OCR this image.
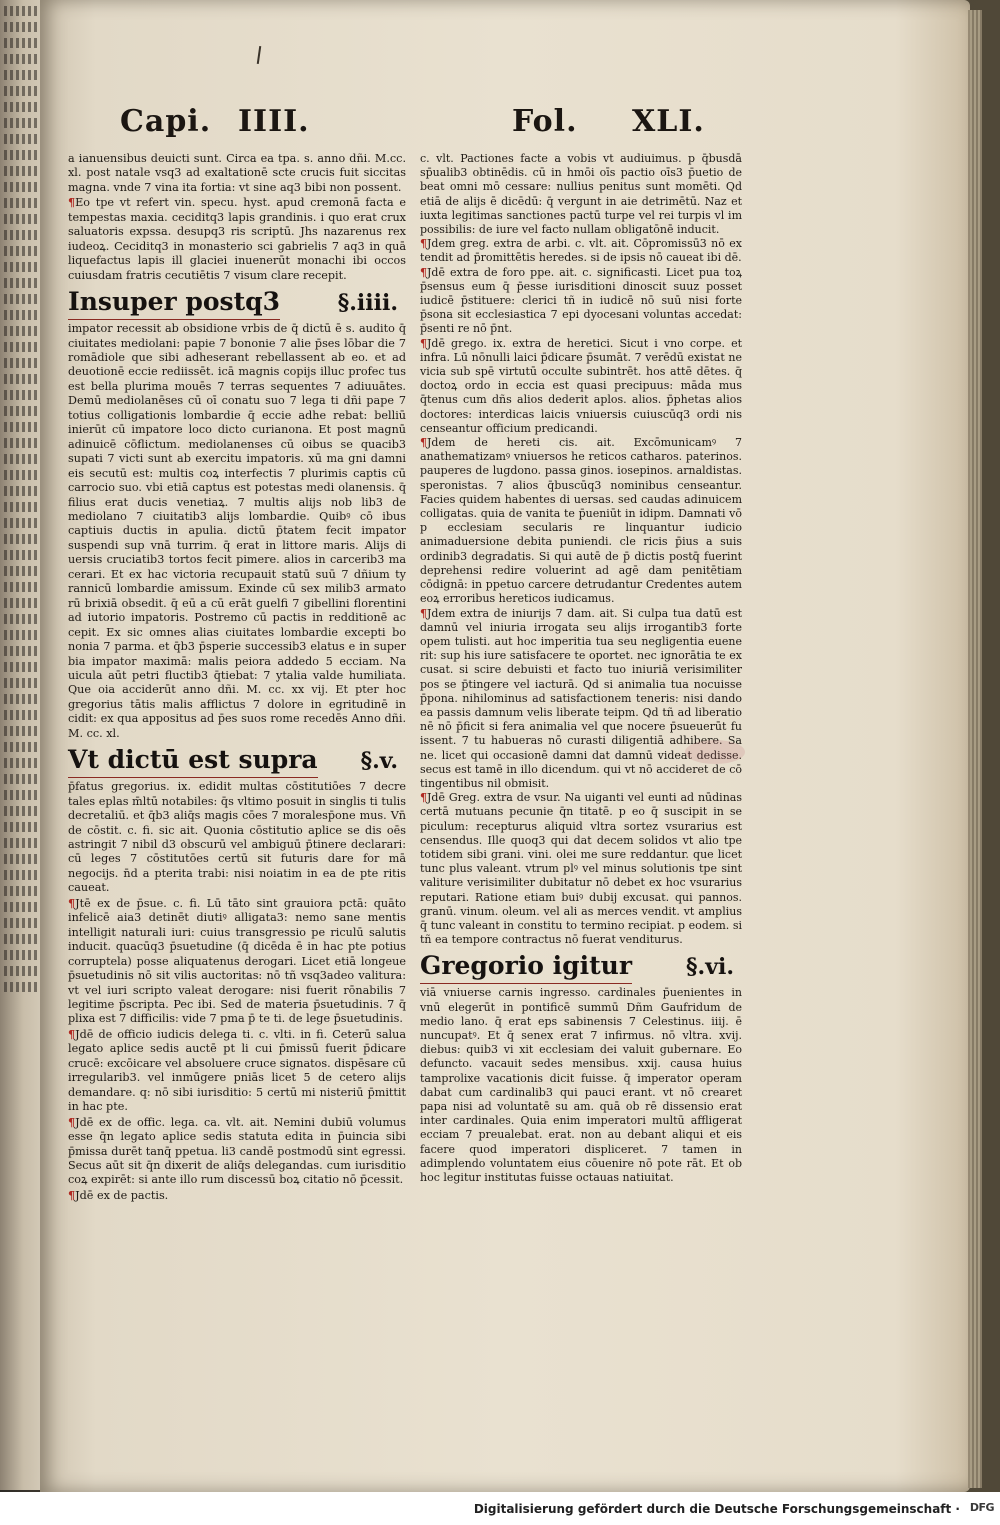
Capi. IIII.	Fol. XLI.

a ianuensibus deuicti sunt. Circa ea tpa. s. anno dñi. M.cc. xl. post natale vsq3 ad exaltationē scte crucis fuit siccitas magna. vnde 7 vina ita fortia: vt sine aq3 bibi non possent.

¶Eo tpe vt refert vin. specu. hyst. apud cremonā facta e tempestas maxia. ceciditq3 lapis grandinis. i quo erat crux saluatoris expssa. desupq3 ris scriptū. Jhs nazarenus rex iudeoꝝ. Ceciditq3 in monasterio sci gabrielis 7 aq3 in quā liquefactus lapis ill glaciei inuenerūt monachi ibi occos cuiusdam fratris cecutiētis 7 visum clare recepit.

Insuper postq3	§.iiii.

impator recessit ab obsidione vrbis de q̄ dictū ē s. audito q̄ ciuitates mediolani: papie 7 bononie 7 alie p̄ses lōbar die 7 romādiole que sibi adheserant rebellassent ab eo. et ad deuotionē eccie rediissēt. icā magnis copijs illuc profec tus est bella plurima mouēs 7 terras sequentes 7 adiuuātes. Demū mediolanēses cū oī conatu suo 7 lega ti dñi pape 7 totius colligationis lombardie q̄ eccie adhe rebat: belliū inierūt cū impatore loco dicto curianona. Et post magnū adinuicē cōflictum. mediolanenses cū oibus se quacib3 supati 7 victi sunt ab exercitu impatoris. xū ma gni damni eis secutū est: multis coꝝ interfectis 7 plurimis captis cū carrocio suo. vbi etiā captus est potestas medi olanensis. q̄ filius erat ducis venetiaꝝ. 7 multis alijs nob lib3 de mediolano 7 ciuitatib3 alijs lombardie. Quibꝰ cō ibus captiuis ductis in apulia. dictū p̄tatem fecit impator suspendi sup vnā turrim. q̄ erat in littore maris. Alijs di uersis cruciatib3 tortos fecit pimere. alios in carcerib3 ma cerari. Et ex hac victoria recupauit statū suū 7 dñium ty rannicū lombardie amissum. Exinde cū sex milib3 armato rū brixiā obsedit. q̄ eū a cū erāt guelfi 7 gibellini florentini ad iutorio impatoris. Postremo cū pactis in redditionē ac cepit. Ex sic omnes alias ciuitates lombardie excepti bo nonia 7 parma. et q̄b3 p̄sperie successib3 elatus e in super bia impator maximā: malis peiora addedo 5 ecciam. Na uicula aūt petri fluctib3 q̄tiebat: 7 ytalia valde humiliata. Que oia acciderūt anno dñi. M. cc. xx vij. Et pter hoc gregorius tātis malis afflictus 7 dolore in egritudinē in cidit: ex qua appositus ad p̄es suos rome recedēs Anno dñi. M. cc. xl.

Vt dictū est supra §.v.

p̄fatus gregorius. ix. edidit multas cōstitutiōes 7 decre tales eplas m̄ltū notabiles: q̄s vltimo posuit in singlis ti tulis decretaliū. et q̄b3 aliq̄s magis cōes 7 moralesp̄one mus. Vn̄ de cōstit. c. fi. sic ait. Quonia cōstitutio aplice se dis oēs astringit 7 nibil d3 obscurū vel ambiguū p̄tinere declarari: cū leges 7 cōstitutōes certū sit futuris dare for mā negocijs. n̄d a pterita trabi: nisi noiatim in ea de pte ritis caueat.

¶Jtē ex de p̄sue. c. fi. Lū tāto sint grauiora pctā: quāto infelicē aia3 detinēt diutiꝰ alligata3: nemo sane mentis intelligit naturali iuri: cuius transgressio pe riculū salutis inducit. quacūq3 p̄suetudine (q̄ dicēda ē in hac pte potius corruptela) posse aliquatenus derogari. Licet etiā longeue p̄suetudinis nō sit vilis auctoritas: nō tñ vsq3adeo valitura: vt vel iuri scripto valeat derogare: nisi fuerit rōnabilis 7 legitime p̄scripta. Pec ibi. Sed de materia p̄suetudinis. 7 q̄ plixa est 7 difficilis: vide 7 pma p̄ te ti. de lege p̄suetudinis.

¶Jdē de officio iudicis delega ti. c. vlti. in fi. Ceterū salua legato aplice sedis auctē pt li cui p̄missū fuerit p̄dicare crucē: excōicare vel absoluere cruce signatos. dispēsare cū irregularib3. vel inmūgere pniās licet 5 de cetero alijs demandare. q: nō sibi iurisditio: 5 certū mi nisteriū p̄mittit in hac pte.

¶Jdē ex de offic. lega. ca. vlt. ait. Nemini dubiū volumus esse q̄n legato aplice sedis statuta edita in p̄uincia sibi p̄missa durēt tanq̄ ppetua. li3 candē postmodū sint egressi. Secus aūt sit q̄n dixerit de aliq̄s delegandas. cum iurisditio coꝝ expirēt: si ante illo rum discessū boꝝ citatio nō p̄cessit.

¶Jdē ex de pactis.

c. vlt. Pactiones facte a vobis vt audiuimus. p q̄busdā sp̄ualib3 obtinēdis. cū in hmōi oīs pactio oīs3 p̄uetio de beat omni mō cessare: nullius penitus sunt momēti. Qd etiā de alijs ē dicēdū: q̄ vergunt in aie detrimētū. Naz et iuxta legitimas sanctiones pactū turpe vel rei turpis vl im possibilis: de iure vel facto nullam obligatōnē inducit.

¶Jdem greg. extra de arbi. c. vlt. ait. Cōpromissū3 nō ex tendit ad p̄romittētis heredes. si de ipsis nō caueat ibi dē.

¶Jdē extra de foro ppe. ait. c. significasti. Licet pua toꝝ p̄sensus eum q̄ p̄esse iurisditioni dinoscit suuz posset iudicē p̄stituere: clerici tñ in iudicē nō suū nisi forte p̄sona sit ecclesiastica 7 epi dyocesani voluntas accedat: p̄senti re nō p̄nt.

¶Jdē grego. ix. extra de heretici. Sicut i vno corpe. et infra. Lū nōnulli laici p̄dicare p̄sumāt. 7 verēdū existat ne vicia sub spē virtutū occulte subintrēt. hos attē dētes. q̄ doctoꝝ ordo in eccia est quasi precipuus: māda mus q̄tenus cum dñs alios dederit aplos. alios. p̄phetas alios doctores: interdicas laicis vniuersis cuiuscūq3 ordi nis censeantur officium predicandi.

¶Jdem de hereti cis. ait. Excōmunicamꝰ 7 anathematizamꝰ vniuersos he reticos catharos. paterinos. pauperes de lugdono. passa ginos. iosepinos. arnaldistas. speronistas. 7 alios q̄buscūq3 nominibus censeantur. Facies quidem habentes di uersas. sed caudas adinuicem colligatas. quia de vanita te p̄ueniūt in idipm. Damnati vō p ecclesiam secularis re linquantur iudicio animaduersione debita puniendi. cle ricis p̄ius a suis ordinib3 degradatis. Si qui autē de p̄ dictis postq̄ fuerint deprehensi redire voluerint ad agē dam penitētiam cōdignā: in ppetuo carcere detrudantur Credentes autem eoꝝ erroribus hereticos iudicamus.

¶Jdem extra de iniurijs 7 dam. ait. Si culpa tua datū est damnū vel iniuria irrogata seu alijs irrogantib3 forte opem tulisti. aut hoc imperitia tua seu negligentia euene rit: sup his iure satisfacere te oportet. nec ignorātia te ex cusat. si scire debuisti et facto tuo iniuriā verisimiliter pos se p̄tingere vel iacturā. Qd si animalia tua nocuisse p̄pona. nihilominus ad satisfactionem teneris: nisi dando ea passis damnum velis liberate teipm. Qd tñ ad liberatio nē nō p̄ficit si fera animalia vel que nocere p̄sueuerūt fu issent. 7 tu habueras nō curasti diligentiā adhibere. Sa ne. licet qui occasionē damni dat damnū videat dedisse. secus est tamē in illo dicendum. qui vt nō accideret de cō tingentibus nil obmisit.

¶Jdē Greg. extra de vsur. Na uiganti vel eunti ad nūdinas certā mutuans pecunie q̄n titatē. p eo q̄ suscipit in se piculum: recepturus aliquid vltra sortez vsurarius est censendus. Ille quoq3 qui dat decem solidos vt alio tpe totidem sibi grani. vini. olei me sure reddantur. que licet tunc plus valeant. vtrum plꝰ vel minus solutionis tpe sint valiture verisimiliter dubitatur nō debet ex hoc vsurarius reputari. Ratione etiam buiꝰ dubij excusat. qui pannos. granū. vinum. oleum. vel ali as merces vendit. vt amplius q̄ tunc valeant in constitu to termino recipiat. p eodem. si tñ ea tempore contractus nō fuerat venditurus.

Gregorio igitur §.vi.

viā vniuerse carnis ingresso. cardinales p̄uenientes in vnū elegerūt in pontificē summū Dñm Gaufridum de medio lano. q̄ erat eps sabinensis 7 Celestinus. iiij. ē nuncupatꝰ. Et q̄ senex erat 7 infirmus. nō vltra. xvij. diebus: quib3 vi xit ecclesiam dei valuit gubernare. Eo defuncto. vacauit sedes mensibus. xxij. causa huius tamprolixe vacationis dicit fuisse. q̄ imperator operam dabat cum cardinalib3 qui pauci erant. vt nō crearet papa nisi ad voluntatē su am. quā ob rē dissensio erat inter cardinales. Quia enim imperatori multū affligerat ecciam 7 preualebat. erat. non au debant aliqui et eis facere quod imperatori displiceret. 7 tamen in adimplendo voluntatem eius cōuenire nō pote rāt. Et ob hoc legitur institutas fuisse octauas natiuitat.

Digitalisierung gefördert durch die Deutsche Forschungsgemeinschaft · DFG
